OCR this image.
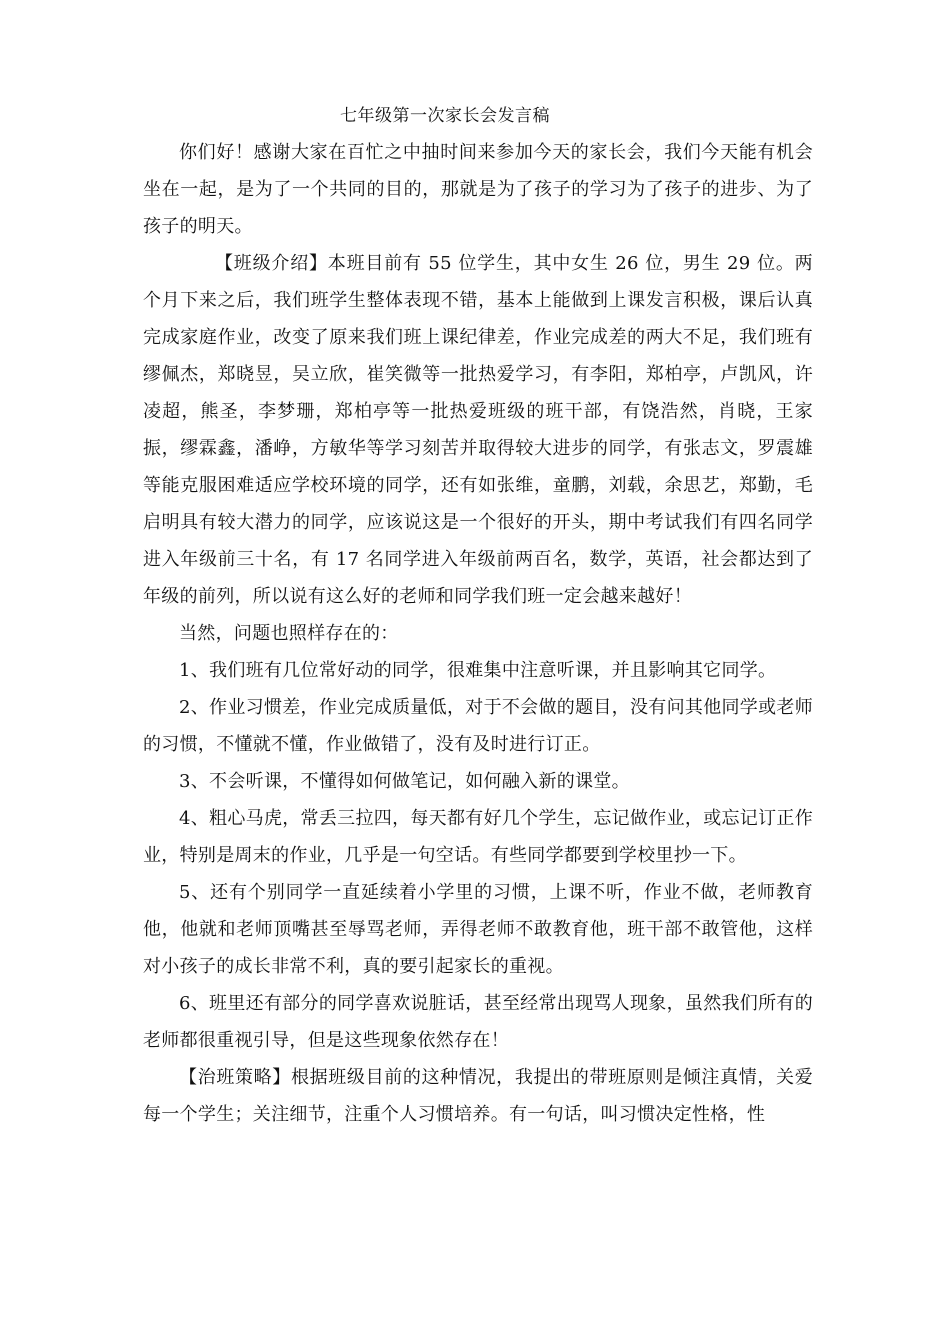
七年级第一次家长会发言稿

你们好！感谢大家在百忙之中抽时间来参加今天的家长会，我们今天能有机会坐在一起，是为了一个共同的目的，那就是为了孩子的学习为了孩子的进步、为了孩子的明天。

【班级介绍】本班目前有 55 位学生，其中女生 26 位，男生 29 位。两个月下来之后，我们班学生整体表现不错，基本上能做到上课发言积极，课后认真完成家庭作业，改变了原来我们班上课纪律差，作业完成差的两大不足，我们班有缪佩杰，郑晓昱，吴立欣，崔笑微等一批热爱学习，有李阳，郑柏亭，卢凯风，许凌超，熊圣，李梦珊，郑柏亭等一批热爱班级的班干部，有饶浩然，肖晓，王家振，缪霖鑫，潘峥，方敏华等学习刻苦并取得较大进步的同学，有张志文，罗震雄等能克服困难适应学校环境的同学，还有如张维，童鹏，刘载，余思艺，郑勤，毛启明具有较大潜力的同学，应该说这是一个很好的开头，期中考试我们有四名同学进入年级前三十名，有 17 名同学进入年级前两百名，数学，英语，社会都达到了年级的前列，所以说有这么好的老师和同学我们班一定会越来越好！

当然，问题也照样存在的：

1、我们班有几位常好动的同学，很难集中注意听课，并且影响其它同学。

2、作业习惯差，作业完成质量低，对于不会做的题目，没有问其他同学或老师的习惯，不懂就不懂，作业做错了，没有及时进行订正。

3、不会听课，不懂得如何做笔记，如何融入新的课堂。

4、粗心马虎，常丢三拉四，每天都有好几个学生，忘记做作业，或忘记订正作业，特别是周末的作业，几乎是一句空话。有些同学都要到学校里抄一下。

5、还有个别同学一直延续着小学里的习惯，上课不听，作业不做，老师教育他，他就和老师顶嘴甚至辱骂老师，弄得老师不敢教育他，班干部不敢管他，这样对小孩子的成长非常不利，真的要引起家长的重视。

6、班里还有部分的同学喜欢说脏话，甚至经常出现骂人现象，虽然我们所有的老师都很重视引导，但是这些现象依然存在！

【治班策略】根据班级目前的这种情况，我提出的带班原则是倾注真情，关爱每一个学生；关注细节，注重个人习惯培养。有一句话，叫习惯决定性格，性
